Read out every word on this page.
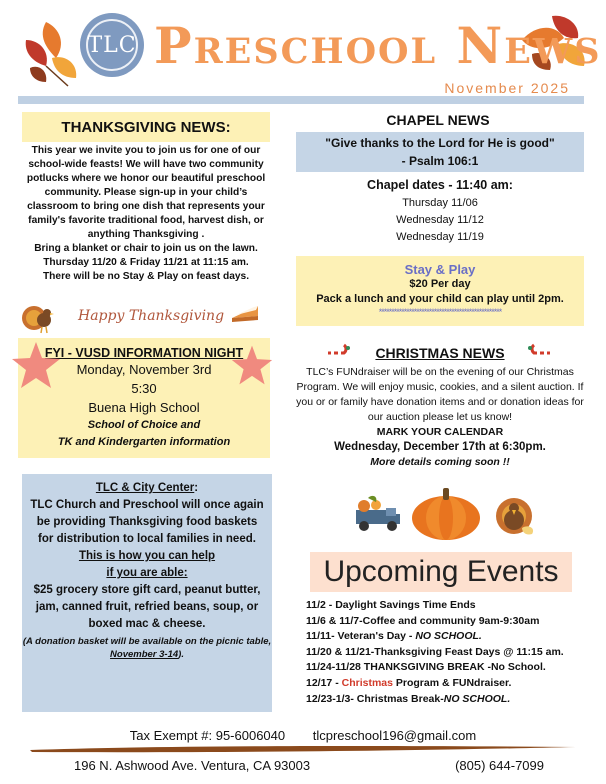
TLC Preschool News
November 2025
THANKSGIVING NEWS:

This year we invite you to join us for one of our school-wide feasts! We will have two community potlucks where we honor our beautiful preschool community. Please sign-up in your child’s classroom to bring one dish that represents your family's favorite traditional food, harvest dish, or anything Thanksgiving .

Bring a blanket or chair to join us on the lawn.

Thursday 11/20 & Friday 11/21 at 11:15 am.

There will be no Stay & Play on feast days.

Happy Thanksgiving
FYI - VUSD INFORMATION NIGHT
Monday, November 3rd
5:30
Buena High School
School of Choice and
TK and Kindergarten information
TLC & City Center:
TLC Church and Preschool will once again be providing Thanksgiving food baskets for distribution to local families in need.
This is how you can help
if you are able:
$25 grocery store gift card, peanut butter, jam, canned fruit, refried beans, soup, or
boxed mac & cheese.
(A donation basket will be available on the picnic table, November 3-14).
CHAPEL NEWS
"Give thanks to the Lord for He is good"
- Psalm 106:1
Chapel dates - 11:40 am:
Thursday 11/06
Wednesday 11/12
Wednesday 11/19
Stay & Play
$20 Per day
Pack a lunch and your child can play until 2pm.
*************************************************
CHRISTMAS NEWS
TLC’s FUNdraiser will be on the evening of our Christmas Program. We will enjoy music, cookies, and a silent auction. If you or or family have donation items and or donation ideas for our auction please let us know!
MARK YOUR CALENDAR
Wednesday, December 17th at 6:30pm.
More details coming soon !!
Upcoming Events
11/2 - Daylight Savings Time Ends
11/6 & 11/7-Coffee and community 9am-9:30am
11/11- Veteran's Day - NO SCHOOL.
11/20 & 11/21-Thanksgiving Feast Days @ 11:15 am.
11/24-11/28 THANKSGIVING BREAK -No School.
12/17 - Christmas Program & FUNdraiser.
12/23-1/3- Christmas Break-NO SCHOOL.
Tax Exempt #: 95-6006040 tlcpreschool196@gmail.com
196 N. Ashwood Ave. Ventura, CA 93003	(805) 644-7099
